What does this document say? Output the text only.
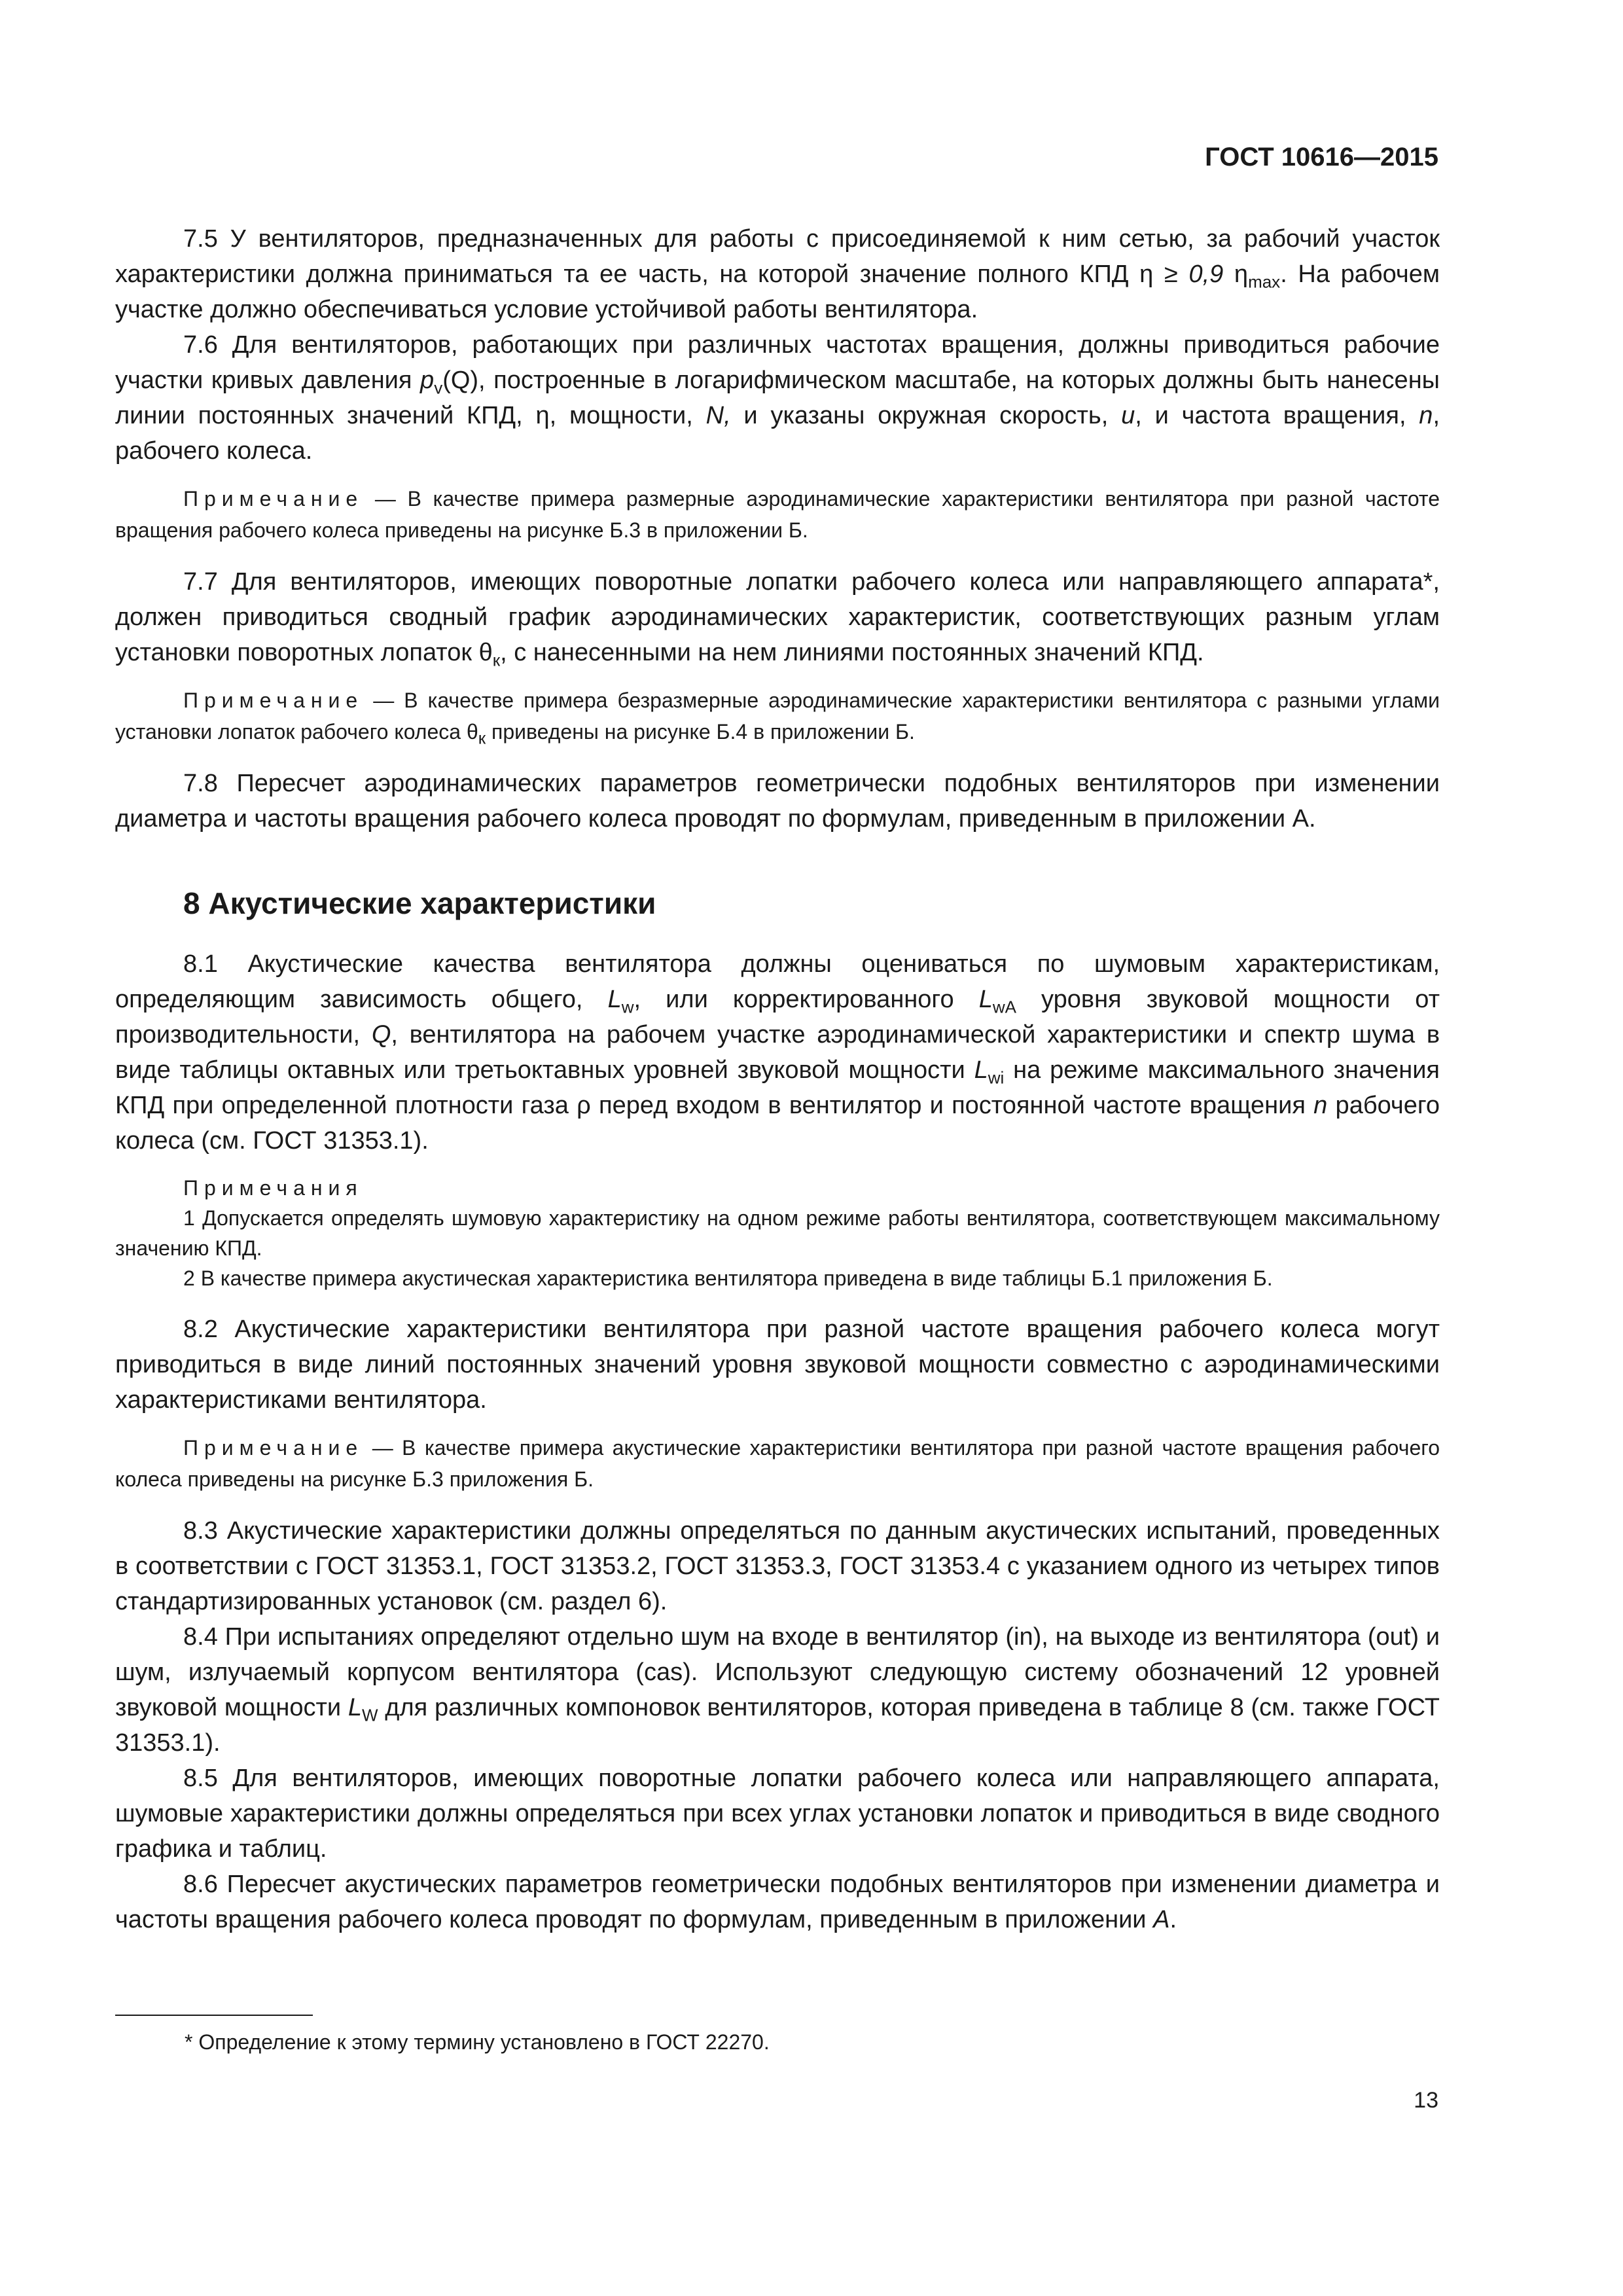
ГОСТ 10616—2015

7.5 У вентиляторов, предназначенных для работы с присоединяемой к ним сетью, за рабочий участок характеристики должна приниматься та ее часть, на которой значение полного КПД η ≥ 0,9 $\eta_{max}$. На рабочем участке должно обеспечиваться условие устойчивой работы вентилятора.

7.6 Для вентиляторов, работающих при различных частотах вращения, должны приводиться рабочие участки кривых давления $p_v(Q)$, построенные в логарифмическом масштабе, на которых должны быть нанесены линии постоянных значений КПД, η, мощности, N, и указаны окружная скорость, u, и частота вращения, n, рабочего колеса.

Примечание — В качестве примера размерные аэродинамические характеристики вентилятора при разной частоте вращения рабочего колеса приведены на рисунке Б.3 в приложении Б.

7.7 Для вентиляторов, имеющих поворотные лопатки рабочего колеса или направляющего аппарата*, должен приводиться сводный график аэродинамических характеристик, соответствующих разным углам установки поворотных лопаток $\theta_к$, с нанесенными на нем линиями постоянных значений КПД.

Примечание — В качестве примера безразмерные аэродинамические характеристики вентилятора с разными углами установки лопаток рабочего колеса $\theta_к$ приведены на рисунке Б.4 в приложении Б.

7.8 Пересчет аэродинамических параметров геометрически подобных вентиляторов при изменении диаметра и частоты вращения рабочего колеса проводят по формулам, приведенным в приложении А.

8 Акустические характеристики

8.1 Акустические качества вентилятора должны оцениваться по шумовым характеристикам, определяющим зависимость общего, $L_w$, или корректированного $L_{wA}$ уровня звуковой мощности от производительности, Q, вентилятора на рабочем участке аэродинамической характеристики и спектр шума в виде таблицы октавных или третьоктавных уровней звуковой мощности $L_{wi}$ на режиме максимального значения КПД при определенной плотности газа ρ перед входом в вентилятор и постоянной частоте вращения n рабочего колеса (см. ГОСТ 31353.1).

Примечания

1 Допускается определять шумовую характеристику на одном режиме работы вентилятора, соответствующем максимальному значению КПД.

2 В качестве примера акустическая характеристика вентилятора приведена в виде таблицы Б.1 приложения Б.

8.2 Акустические характеристики вентилятора при разной частоте вращения рабочего колеса могут приводиться в виде линий постоянных значений уровня звуковой мощности совместно с аэродинамическими характеристиками вентилятора.

Примечание — В качестве примера акустические характеристики вентилятора при разной частоте вращения рабочего колеса приведены на рисунке Б.3 приложения Б.

8.3 Акустические характеристики должны определяться по данным акустических испытаний, проведенных в соответствии с ГОСТ 31353.1, ГОСТ 31353.2, ГОСТ 31353.3, ГОСТ 31353.4 с указанием одного из четырех типов стандартизированных установок (см. раздел 6).

8.4 При испытаниях определяют отдельно шум на входе в вентилятор (in), на выходе из вентилятора (out) и шум, излучаемый корпусом вентилятора (cas). Используют следующую систему обозначений 12 уровней звуковой мощности $L_W$ для различных компоновок вентиляторов, которая приведена в таблице 8 (см. также ГОСТ 31353.1).

8.5 Для вентиляторов, имеющих поворотные лопатки рабочего колеса или направляющего аппарата, шумовые характеристики должны определяться при всех углах установки лопаток и приводиться в виде сводного графика и таблиц.

8.6 Пересчет акустических параметров геометрически подобных вентиляторов при изменении диаметра и частоты вращения рабочего колеса проводят по формулам, приведенным в приложении А.

* Определение к этому термину установлено в ГОСТ 22270.
13
